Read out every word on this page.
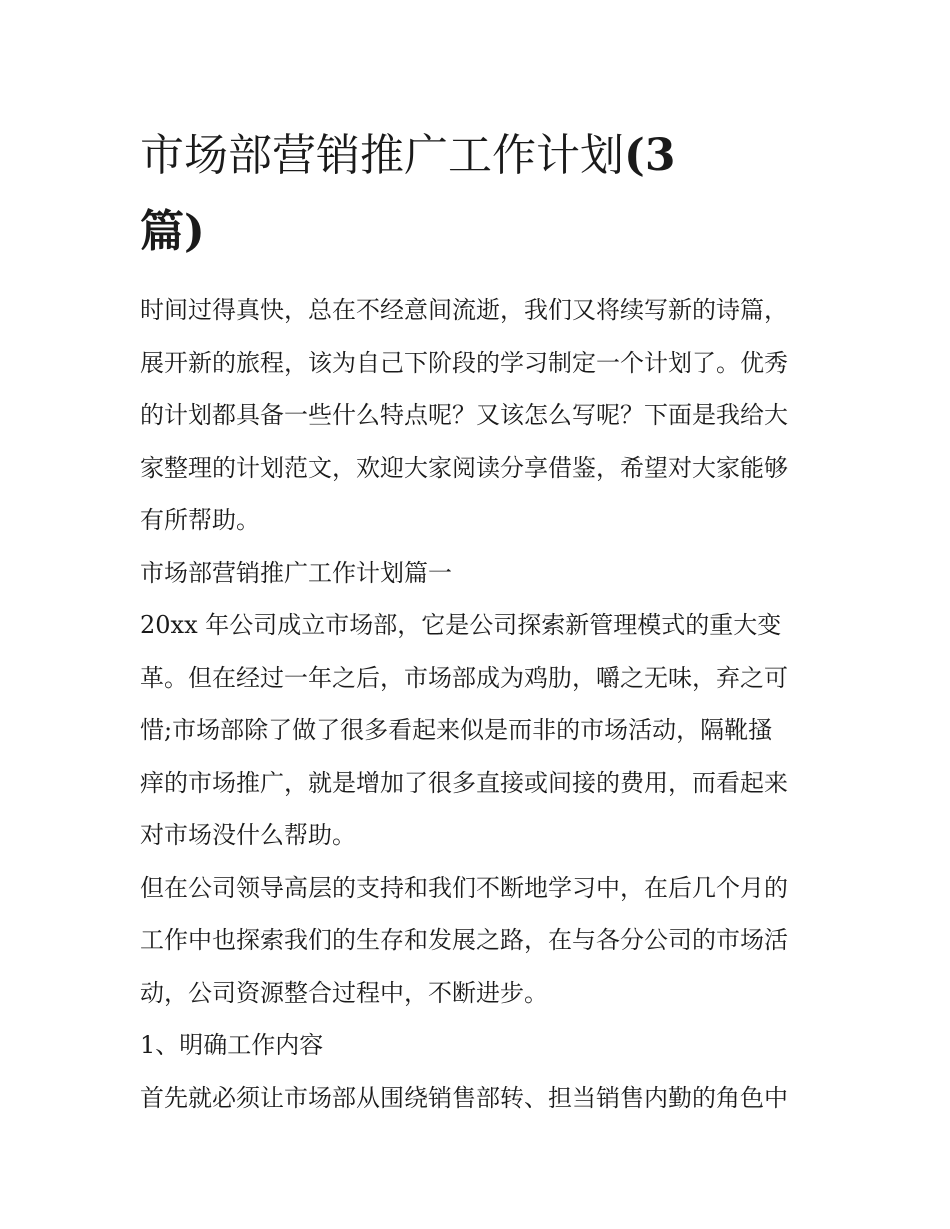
市场部营销推广工作计划(3
篇)

时间过得真快，总在不经意间流逝，我们又将续写新的诗篇，
展开新的旅程，该为自己下阶段的学习制定一个计划了。优秀
的计划都具备一些什么特点呢？又该怎么写呢？下面是我给大
家整理的计划范文，欢迎大家阅读分享借鉴，希望对大家能够
有所帮助。

市场部营销推广工作计划篇一

20xx 年公司成立市场部，它是公司探索新管理模式的重大变
革。但在经过一年之后，市场部成为鸡肋，嚼之无味，弃之可
惜;市场部除了做了很多看起来似是而非的市场活动，隔靴搔
痒的市场推广，就是增加了很多直接或间接的费用，而看起来
对市场没什么帮助。

但在公司领导高层的支持和我们不断地学习中，在后几个月的
工作中也探索我们的生存和发展之路，在与各分公司的市场活
动，公司资源整合过程中，不断进步。

1、明确工作内容

首先就必须让市场部从围绕销售部转、担当销售内勤的角色中
